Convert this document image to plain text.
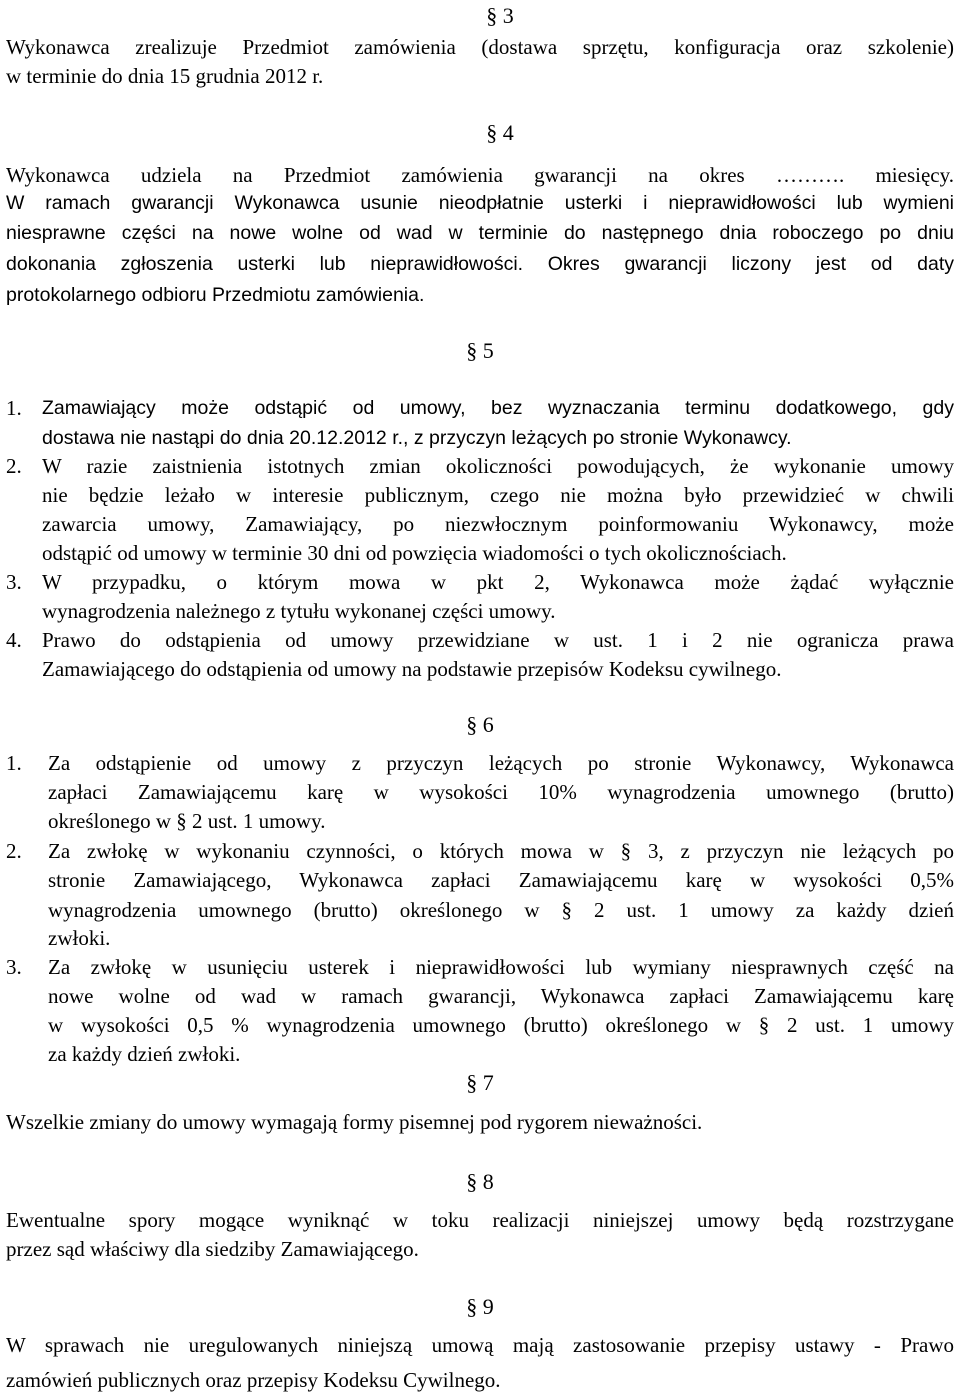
§ 3
Wykonawca zrealizuje Przedmiot zamówienia (dostawa sprzętu, konfiguracja oraz szkolenie)
w terminie do dnia 15 grudnia 2012 r.
§ 4
Wykonawca udziela na Przedmiot zamówienia gwarancji na okres ………. miesięcy.
W ramach gwarancji Wykonawca usunie nieodpłatnie usterki i nieprawidłowości lub wymieni
niesprawne części na nowe wolne od wad w terminie do następnego dnia roboczego po dniu
dokonania zgłoszenia usterki lub nieprawidłowości. Okres gwarancji liczony jest od daty
protokolarnego odbioru Przedmiotu zamówienia.
§ 5
1. Zamawiający może odstąpić od umowy, bez wyznaczania terminu dodatkowego, gdy
dostawa nie nastąpi do dnia 20.12.2012 r., z przyczyn leżących po stronie Wykonawcy.
2. W razie zaistnienia istotnych zmian okoliczności powodujących, że wykonanie umowy
nie będzie leżało w interesie publicznym, czego nie można było przewidzieć w chwili
zawarcia umowy, Zamawiający, po niezwłocznym poinformowaniu Wykonawcy, może
odstąpić od umowy w terminie 30 dni od powzięcia wiadomości o tych okolicznościach.
3. W przypadku, o którym mowa w pkt 2, Wykonawca może żądać wyłącznie
wynagrodzenia należnego z tytułu wykonanej części umowy.
4. Prawo do odstąpienia od umowy przewidziane w ust. 1 i 2 nie ogranicza prawa
Zamawiającego do odstąpienia od umowy na podstawie przepisów Kodeksu cywilnego.
§ 6
1. Za odstąpienie od umowy z przyczyn leżących po stronie Wykonawcy, Wykonawca
zapłaci Zamawiającemu karę w wysokości 10% wynagrodzenia umownego (brutto)
określonego w § 2 ust. 1 umowy.
2. Za zwłokę w wykonaniu czynności, o których mowa w § 3, z przyczyn nie leżących po
stronie Zamawiającego, Wykonawca zapłaci Zamawiającemu karę w wysokości 0,5%
wynagrodzenia umownego (brutto) określonego w § 2 ust. 1 umowy za każdy dzień
zwłoki.
3. Za zwłokę w usunięciu usterek i nieprawidłowości lub wymiany niesprawnych część na
nowe wolne od wad w ramach gwarancji, Wykonawca zapłaci Zamawiającemu karę
w wysokości 0,5 % wynagrodzenia umownego (brutto) określonego w § 2 ust. 1 umowy
za każdy dzień zwłoki.
§ 7
Wszelkie zmiany do umowy wymagają formy pisemnej pod rygorem nieważności.
§ 8
Ewentualne spory mogące wyniknąć w toku realizacji niniejszej umowy będą rozstrzygane
przez sąd właściwy dla siedziby Zamawiającego.
§ 9
W sprawach nie uregulowanych niniejszą umową mają zastosowanie przepisy ustawy - Prawo
zamówień publicznych oraz przepisy Kodeksu Cywilnego.
